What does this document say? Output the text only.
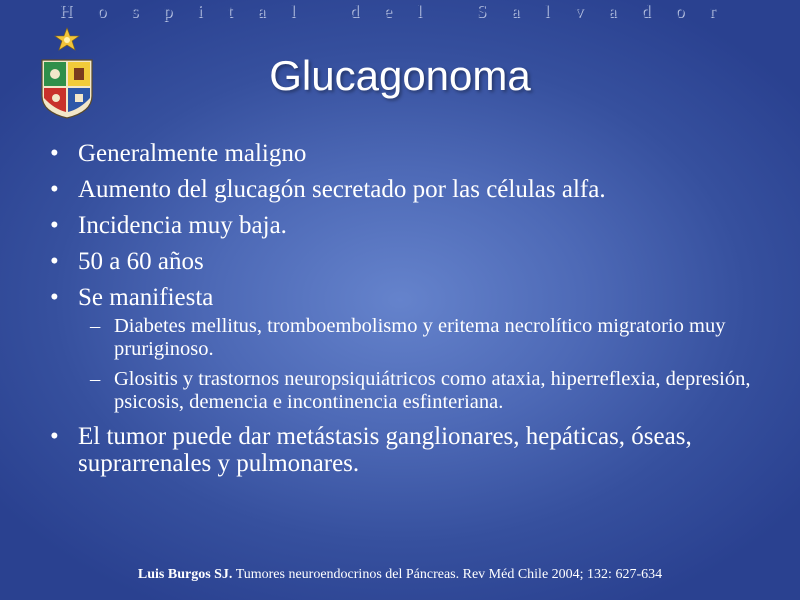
Hospital del Salvador
Glucagonoma
• Generalmente maligno
• Aumento del glucagón secretado por las células alfa.
• Incidencia muy baja.
• 50 a 60 años
• Se manifiesta
– Diabetes mellitus, tromboembolismo y eritema necrolítico migratorio muy pruriginoso.
– Glositis y trastornos neuropsiquiátricos como ataxia, hiperreflexia, depresión, psicosis, demencia e incontinencia esfinteriana.
• El tumor puede dar metástasis ganglionares, hepáticas, óseas, suprarrenales y pulmonares.
Luis Burgos SJ. Tumores neuroendocrinos del Páncreas. Rev Méd Chile 2004; 132: 627-634
